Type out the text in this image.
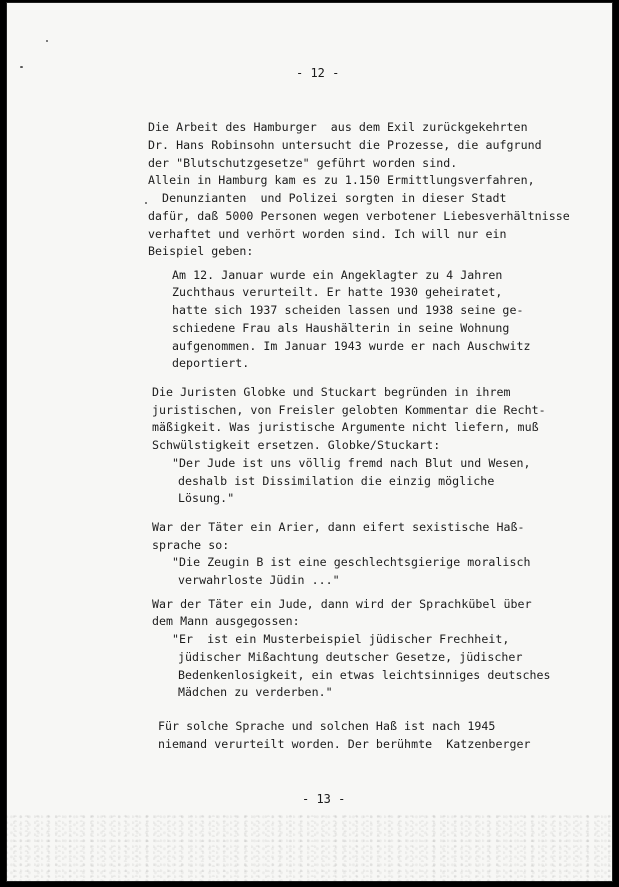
- 12 -
Die Arbeit des Hamburger  aus dem Exil zurückgekehrten
Dr. Hans Robinsohn untersucht die Prozesse, die aufgrund
der "Blutschutzgesetze" geführt worden sind.
Allein in Hamburg kam es zu 1.150 Ermittlungsverfahren,
Denunzianten  und Polizei sorgten in dieser Stadt
dafür, daß 5000 Personen wegen verbotener Liebesverhältnisse
verhaftet und verhört worden sind. Ich will nur ein
Beispiel geben:
Am 12. Januar wurde ein Angeklagter zu 4 Jahren
Zuchthaus verurteilt. Er hatte 1930 geheiratet,
hatte sich 1937 scheiden lassen und 1938 seine ge-
schiedene Frau als Haushälterin in seine Wohnung
aufgenommen. Im Januar 1943 wurde er nach Auschwitz
deportiert.
Die Juristen Globke und Stuckart begründen in ihrem
juristischen, von Freisler gelobten Kommentar die Recht-
mäßigkeit. Was juristische Argumente nicht liefern, muß
Schwülstigkeit ersetzen. Globke/Stuckart:
"Der Jude ist uns völlig fremd nach Blut und Wesen,
deshalb ist Dissimilation die einzig mögliche
Lösung."
War der Täter ein Arier, dann eifert sexistische Haß-
sprache so:
"Die Zeugin B ist eine geschlechtsgierige moralisch
verwahrloste Jüdin ..."
War der Täter ein Jude, dann wird der Sprachkübel über
dem Mann ausgegossen:
"Er  ist ein Musterbeispiel jüdischer Frechheit,
jüdischer Mißachtung deutscher Gesetze, jüdischer
Bedenkenlosigkeit, ein etwas leichtsinniges deutsches
Mädchen zu verderben."
Für solche Sprache und solchen Haß ist nach 1945
niemand verurteilt worden. Der berühmte  Katzenberger
- 13 -
